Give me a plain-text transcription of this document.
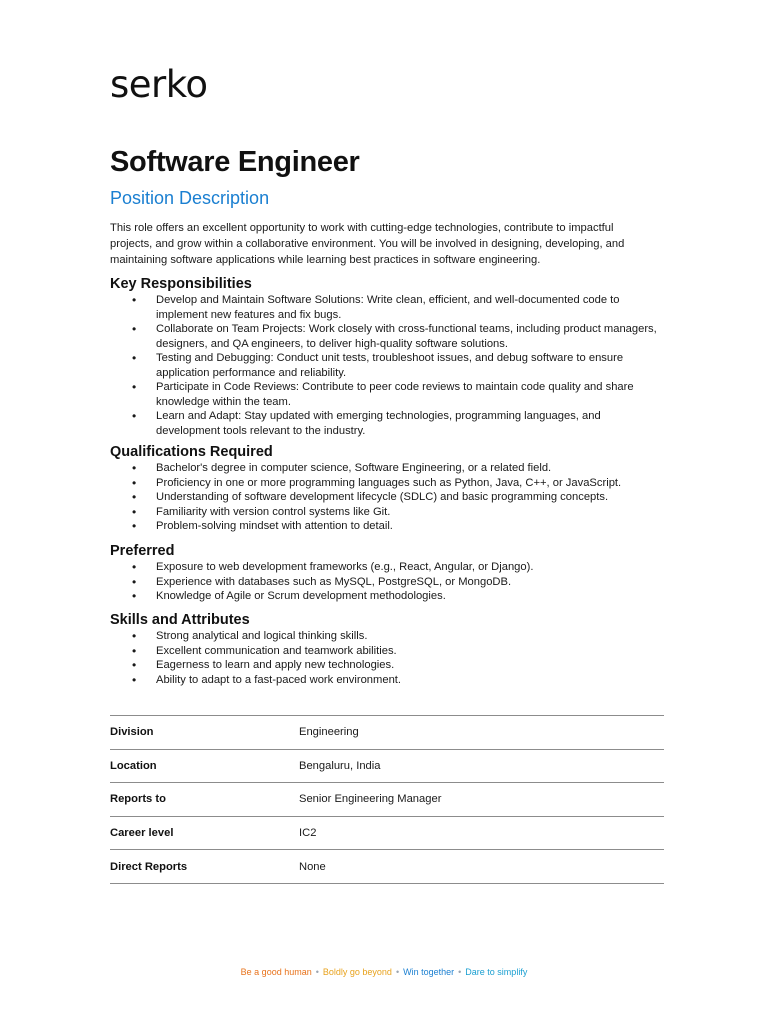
serko
Software Engineer
Position Description

This role offers an excellent opportunity to work with cutting-edge technologies, contribute to impactful projects, and grow within a collaborative environment. You will be involved in designing, developing, and maintaining software applications while learning best practices in software engineering.

Key Responsibilities
• Develop and Maintain Software Solutions: Write clean, efficient, and well-documented code to implement new features and fix bugs.
• Collaborate on Team Projects: Work closely with cross-functional teams, including product managers, designers, and QA engineers, to deliver high-quality software solutions.
• Testing and Debugging: Conduct unit tests, troubleshoot issues, and debug software to ensure application performance and reliability.
• Participate in Code Reviews: Contribute to peer code reviews to maintain code quality and share knowledge within the team.
• Learn and Adapt: Stay updated with emerging technologies, programming languages, and development tools relevant to the industry.
Qualifications Required
• Bachelor's degree in computer science, Software Engineering, or a related field.
• Proficiency in one or more programming languages such as Python, Java, C++, or JavaScript.
• Understanding of software development lifecycle (SDLC) and basic programming concepts.
• Familiarity with version control systems like Git.
• Problem-solving mindset with attention to detail.
Preferred
• Exposure to web development frameworks (e.g., React, Angular, or Django).
• Experience with databases such as MySQL, PostgreSQL, or MongoDB.
• Knowledge of Agile or Scrum development methodologies.
Skills and Attributes
• Strong analytical and logical thinking skills.
• Excellent communication and teamwork abilities.
• Eagerness to learn and apply new technologies.
• Ability to adapt to a fast-paced work environment.
Division	Engineering
Location	Bengaluru, India
Reports to	Senior Engineering Manager
Career level	IC2
Direct Reports	None
Be a good human • Boldly go beyond • Win together • Dare to simplify
